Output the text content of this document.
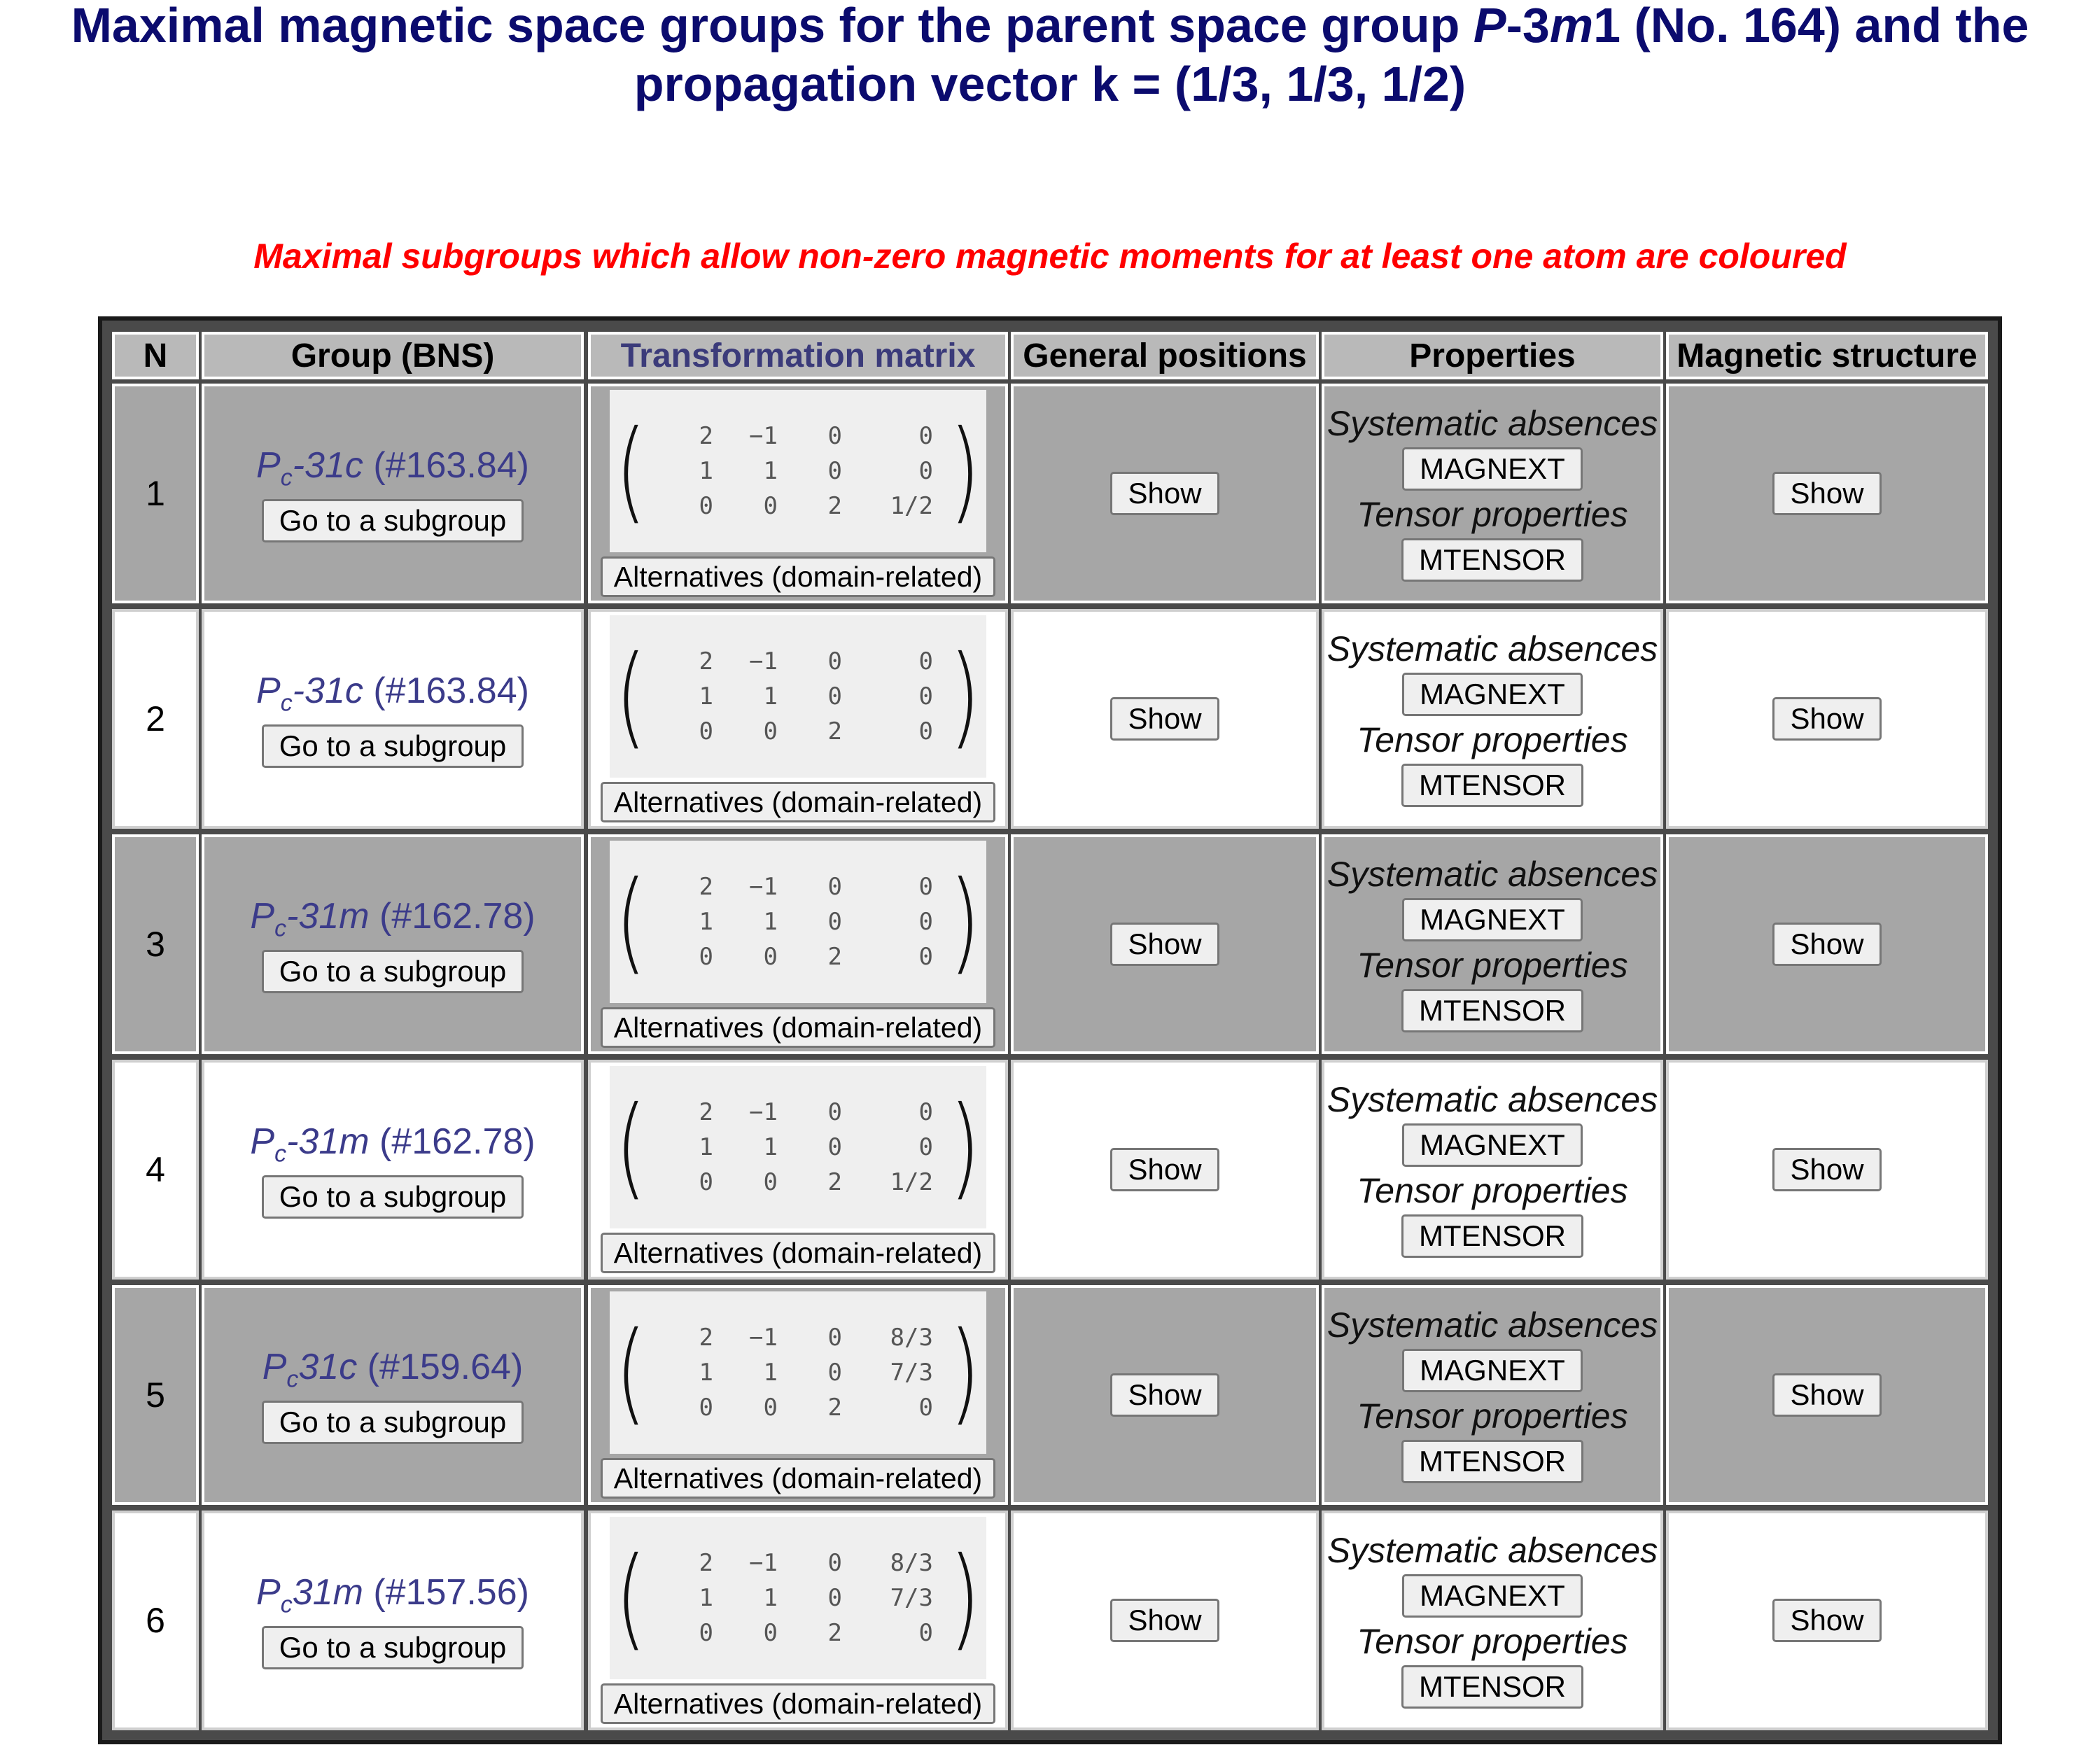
Maximal magnetic space groups for the parent space group P-3m1 (No. 164) and the
propagation vector k = (1/3, 1/3, 1/2)
Maximal subgroups which allow non-zero magnetic moments for at least one atom are coloured
N	Group (BNS)	Transformation matrix	General positions	Properties	Magnetic structure
1
$P_c-31c$ (#163.84)
Go to a subgroup (	2	−1	0	0
1	1	0	0
0	0	2	1/2 )
Alternatives (domain-related)
Show
Systematic absences
MAGNEXT
Tensor properties
MTENSOR
Show
2
$P_c-31c$ (#163.84)
Go to a subgroup (	2	−1	0	0
1	1	0	0
0	0	2	0 )
Alternatives (domain-related)
Show
Systematic absences
MAGNEXT
Tensor properties
MTENSOR
Show
3
$P_c-31m$ (#162.78)
Go to a subgroup (	2	−1	0	0
1	1	0	0
0	0	2	0 )
Alternatives (domain-related)
Show
Systematic absences
MAGNEXT
Tensor properties
MTENSOR
Show
4
$P_c-31m$ (#162.78)
Go to a subgroup (	2	−1	0	0
1	1	0	0
0	0	2	1/2 )
Alternatives (domain-related)
Show
Systematic absences
MAGNEXT
Tensor properties
MTENSOR
Show
5
$P_c31c$ (#159.64)
Go to a subgroup (	2	−1	0	8/3
1	1	0	7/3
0	0	2	0 )
Alternatives (domain-related)
Show
Systematic absences
MAGNEXT
Tensor properties
MTENSOR
Show
6
$P_c31m$ (#157.56)
Go to a subgroup (	2	−1	0	8/3
1	1	0	7/3
0	0	2	0 )
Alternatives (domain-related)
Show
Systematic absences
MAGNEXT
Tensor properties
MTENSOR
Show
